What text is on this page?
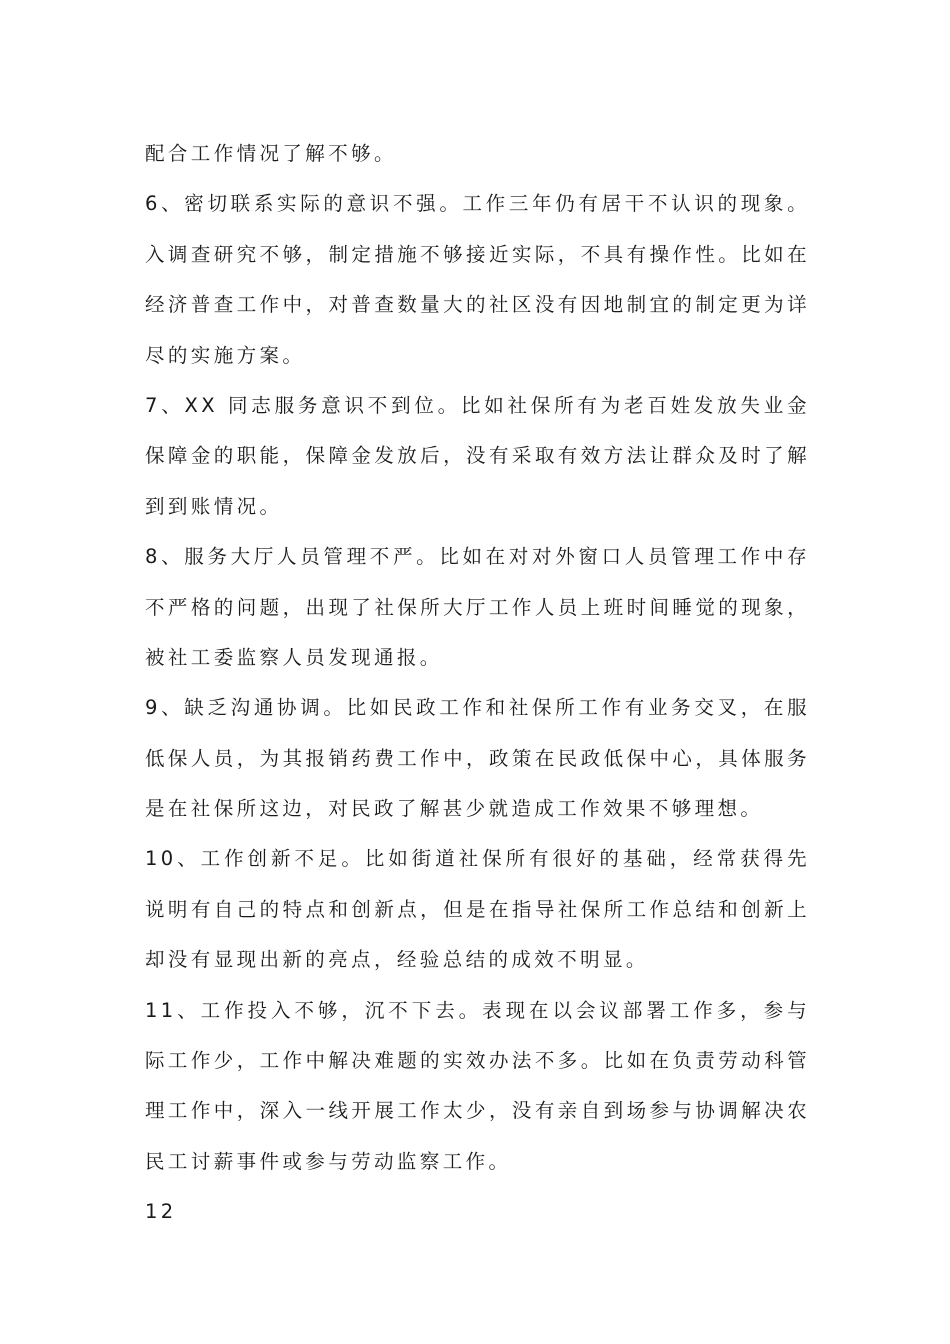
配合工作情况了解不够。
6、密切联系实际的意识不强。工作三年仍有居干不认识的现象。
入调查研究不够，制定措施不够接近实际，不具有操作性。比如在
经济普查工作中，对普查数量大的社区没有因地制宜的制定更为详
尽的实施方案。
7、XX 同志服务意识不到位。比如社保所有为老百姓发放失业金
保障金的职能，保障金发放后，没有采取有效方法让群众及时了解
到到账情况。
8、服务大厅人员管理不严。比如在对对外窗口人员管理工作中存
不严格的问题，出现了社保所大厅工作人员上班时间睡觉的现象，
被社工委监察人员发现通报。
9、缺乏沟通协调。比如民政工作和社保所工作有业务交叉，在服
低保人员，为其报销药费工作中，政策在民政低保中心，具体服务
是在社保所这边，对民政了解甚少就造成工作效果不够理想。
10、工作创新不足。比如街道社保所有很好的基础，经常获得先
说明有自己的特点和创新点，但是在指导社保所工作总结和创新上
却没有显现出新的亮点，经验总结的成效不明显。
11、工作投入不够，沉不下去。表现在以会议部署工作多，参与
际工作少，工作中解决难题的实效办法不多。比如在负责劳动科管
理工作中，深入一线开展工作太少，没有亲自到场参与协调解决农
民工讨薪事件或参与劳动监察工作。
12
